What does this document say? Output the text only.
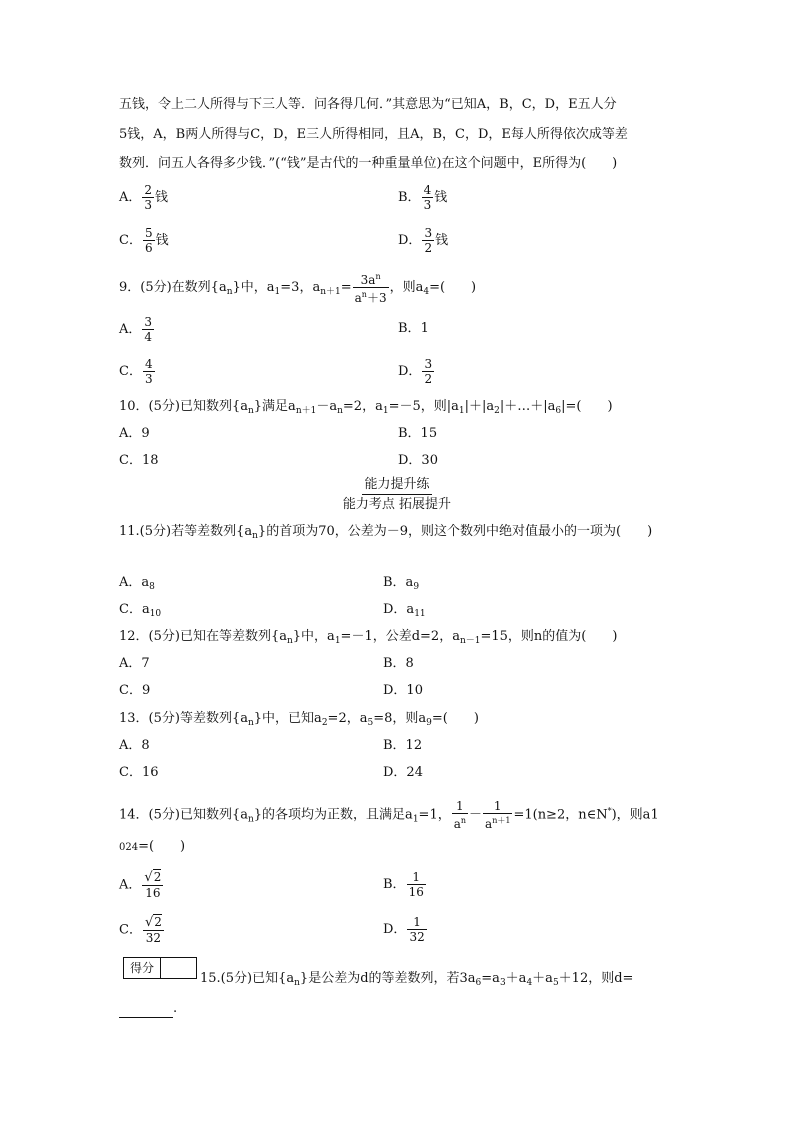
五钱，令上二人所得与下三人等．问各得几何．”其意思为“已知A，B，C，D，E五人分
5钱，A，B两人所得与C，D，E三人所得相同，且A，B，C，D，E每人所得依次成等差
数列．问五人各得多少钱．”(“钱”是古代的一种重量单位)在这个问题中，E所得为(　　)
A． $\frac{2}{3}$ 钱	B． $\frac{4}{3}$ 钱
C． $\frac{5}{6}$ 钱	D． $\frac{3}{2}$ 钱
9．(5分)在数列$\{a_n\}$中，$a_1=3$，$a_{n+1}= \frac{3a^n}{a^n+3}$ ，则$a_4=$(　　)
A． $\frac{3}{4}$	B．1
C． $\frac{4}{3}$	D． $\frac{3}{2}$
10．(5分)已知数列$\{a_n\}$满足$a_{n+1}-a_n=2$，$a_1=-5$，则$|a_1|+|a_2|+\dots+|a_6|=$(　　)
A．9	B．15
C．18	D．30
能力提升练
能力考点 拓展提升
11.(5分)若等差数列$\{a_n\}$的首项为70，公差为－9，则这个数列中绝对值最小的一项为(　　)
A．$a_8$	B．$a_9$
C．$a_{10}$	D．$a_{11}$
12．(5分)已知在等差数列$\{a_n\}$中，$a_1=-1$，公差d=2，$a_{n-1}=15$，则n的值为(　　)
A．7	B．8
C．9	D．10
13．(5分)等差数列$\{a_n\}$中，已知$a_2=2$，$a_5=8$，则$a_9=$(　　)
A．8	B．12
C．16	D．24
14．(5分)已知数列$\{a_n\}$的各项均为正数，且满足$a_1=1$， $\frac{1}{a^n} - \frac{1}{a^{n+1}} =1(n\ge 2$，n∈N*)，则a1
024=(　　)
A． $\frac{√2}{16}$	B． $\frac{1}{16}$
C． $\frac{√2}{32}$	D． $\frac{1}{32}$
得分
15.(5分)已知$\{a_n\}$是公差为d的等差数列，若$3a_6=a_3+a_4+a_5+12$，则d=
.
